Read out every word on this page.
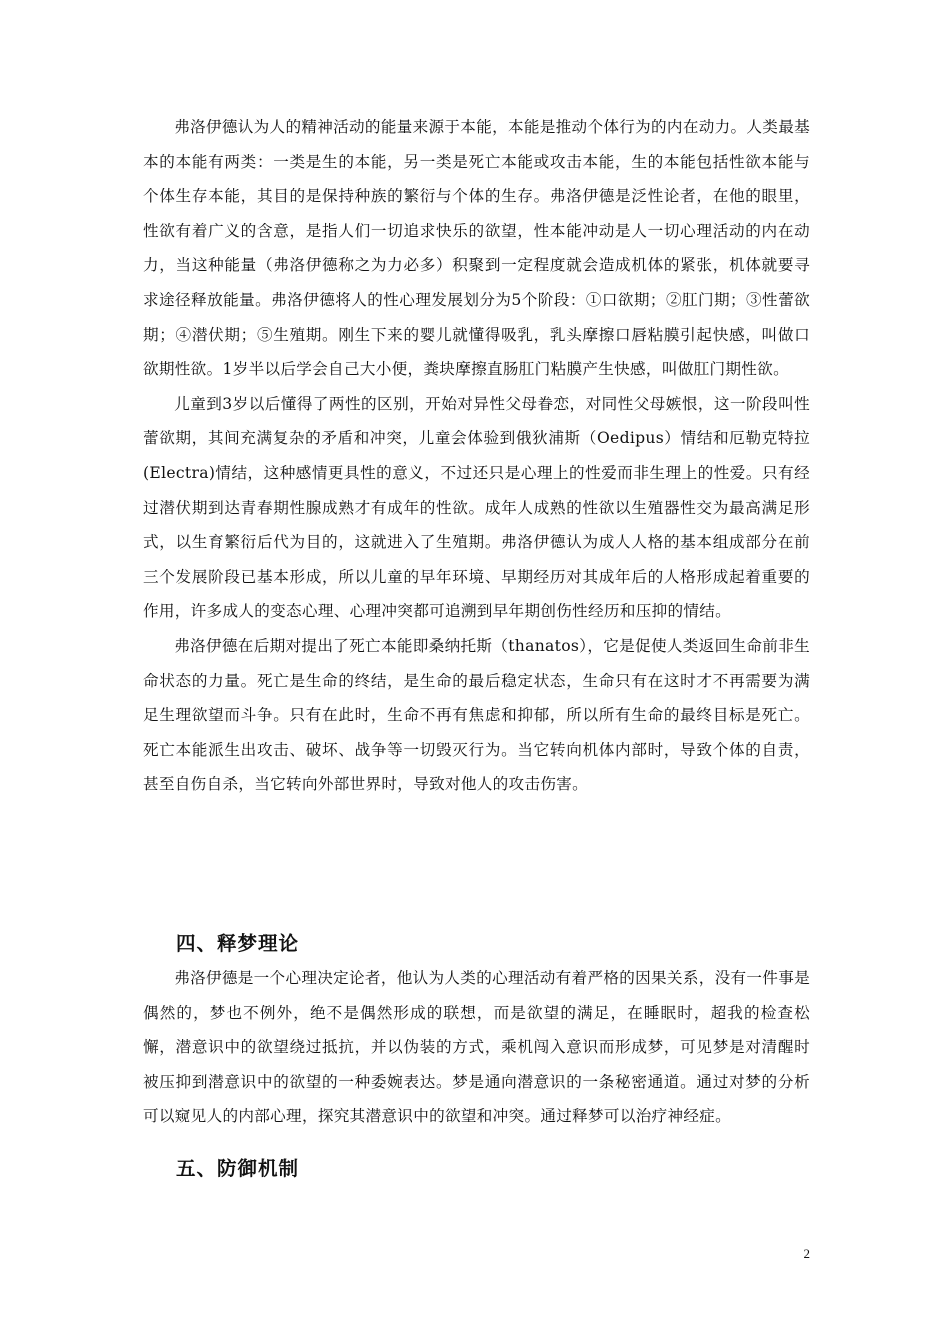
弗洛伊德认为人的精神活动的能量来源于本能，本能是推动个体行为的内在动力。人类最基本的本能有两类：一类是生的本能，另一类是死亡本能或攻击本能，生的本能包括性欲本能与个体生存本能，其目的是保持种族的繁衍与个体的生存。弗洛伊德是泛性论者，在他的眼里，性欲有着广义的含意，是指人们一切追求快乐的欲望，性本能冲动是人一切心理活动的内在动力，当这种能量（弗洛伊德称之为力必多）积聚到一定程度就会造成机体的紧张，机体就要寻求途径释放能量。弗洛伊德将人的性心理发展划分为5个阶段：①口欲期；②肛门期；③性蕾欲期；④潜伏期；⑤生殖期。刚生下来的婴儿就懂得吸乳，乳头摩擦口唇粘膜引起快感，叫做口欲期性欲。1岁半以后学会自己大小便，粪块摩擦直肠肛门粘膜产生快感，叫做肛门期性欲。

儿童到3岁以后懂得了两性的区别，开始对异性父母眷恋，对同性父母嫉恨，这一阶段叫性蕾欲期，其间充满复杂的矛盾和冲突，儿童会体验到俄狄浦斯（Oedipus）情结和厄勒克特拉(Electra)情结，这种感情更具性的意义，不过还只是心理上的性爱而非生理上的性爱。只有经过潜伏期到达青春期性腺成熟才有成年的性欲。成年人成熟的性欲以生殖器性交为最高满足形式，以生育繁衍后代为目的，这就进入了生殖期。弗洛伊德认为成人人格的基本组成部分在前三个发展阶段已基本形成，所以儿童的早年环境、早期经历对其成年后的人格形成起着重要的作用，许多成人的变态心理、心理冲突都可追溯到早年期创伤性经历和压抑的情结。

弗洛伊德在后期对提出了死亡本能即桑纳托斯（thanatos），它是促使人类返回生命前非生命状态的力量。死亡是生命的终结，是生命的最后稳定状态，生命只有在这时才不再需要为满足生理欲望而斗争。只有在此时，生命不再有焦虑和抑郁，所以所有生命的最终目标是死亡。死亡本能派生出攻击、破坏、战争等一切毁灭行为。当它转向机体内部时，导致个体的自责，甚至自伤自杀，当它转向外部世界时，导致对他人的攻击伤害。

四、释梦理论

弗洛伊德是一个心理决定论者，他认为人类的心理活动有着严格的因果关系，没有一件事是偶然的，梦也不例外，绝不是偶然形成的联想，而是欲望的满足，在睡眠时，超我的检查松懈，潜意识中的欲望绕过抵抗，并以伪装的方式，乘机闯入意识而形成梦，可见梦是对清醒时被压抑到潜意识中的欲望的一种委婉表达。梦是通向潜意识的一条秘密通道。通过对梦的分析可以窥见人的内部心理，探究其潜意识中的欲望和冲突。通过释梦可以治疗神经症。

五、防御机制
2
